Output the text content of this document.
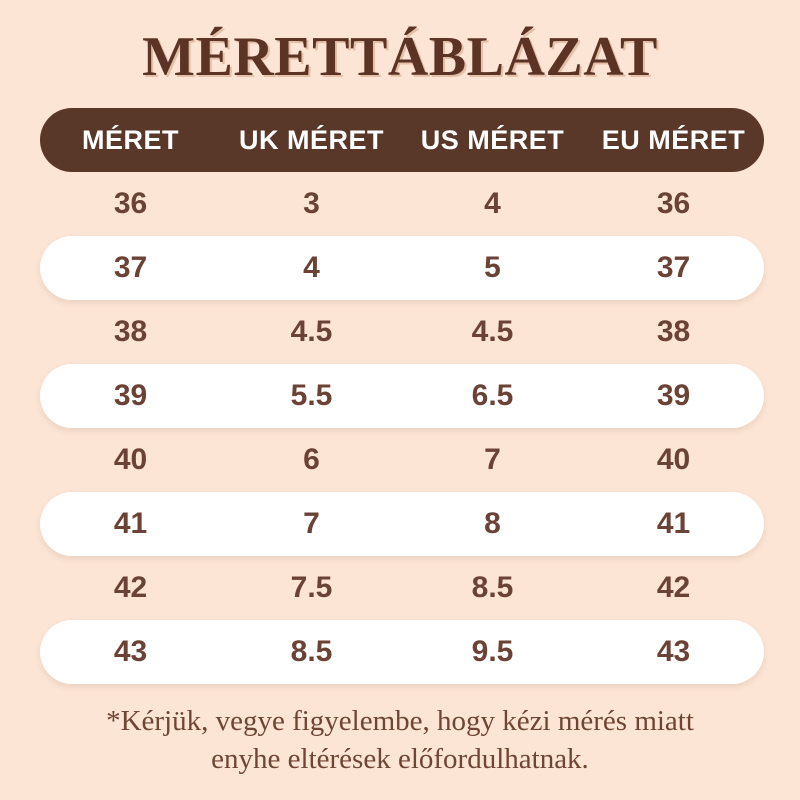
MÉRETTÁBLÁZAT
MÉRET	UK MÉRET	US MÉRET	EU MÉRET
36	3	4	36
37	4	5	37
38	4.5	4.5	38
39	5.5	6.5	39
40	6	7	40
41	7	8	41
42	7.5	8.5	42
43	8.5	9.5	43

*Kérjük, vegye figyelembe, hogy kézi mérés miatt
enyhe eltérések előfordulhatnak.
